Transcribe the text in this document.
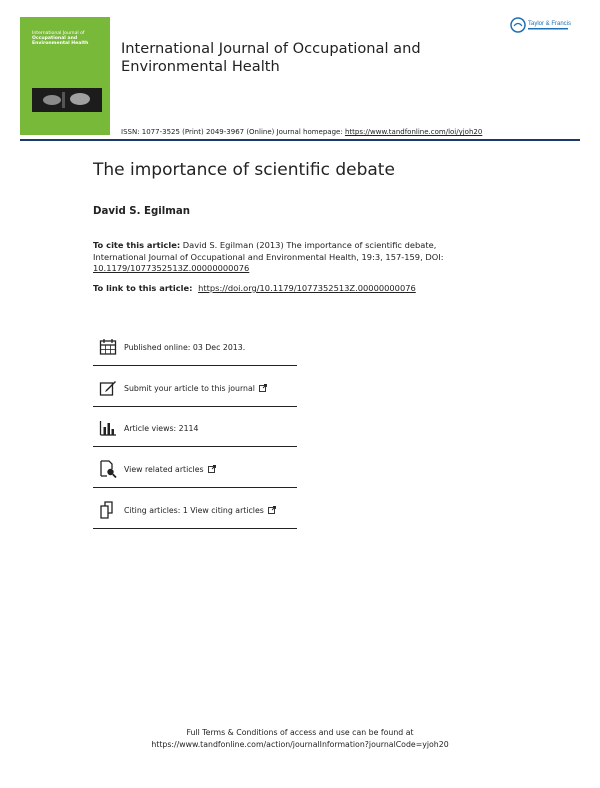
International Journal of
Occupational and
Environmental Health	International Journal of Occupational and Environmental Health
Taylor & Francis
ISSN: 1077-3525 (Print) 2049-3967 (Online) Journal homepage: https://www.tandfonline.com/loi/yjoh20
The importance of scientific debate
David S. Egilman
To cite this article: David S. Egilman (2013) The importance of scientific debate, International Journal of Occupational and Environmental Health, 19:3, 157-159, DOI: 10.1179/1077352513Z.00000000076
To link to this article: https://doi.org/10.1179/1077352513Z.00000000076
Published online: 03 Dec 2013.
Submit your article to this journal
Article views: 2114
View related articles
Citing articles: 1 View citing articles
Full Terms & Conditions of access and use can be found at
https://www.tandfonline.com/action/journalInformation?journalCode=yjoh20
